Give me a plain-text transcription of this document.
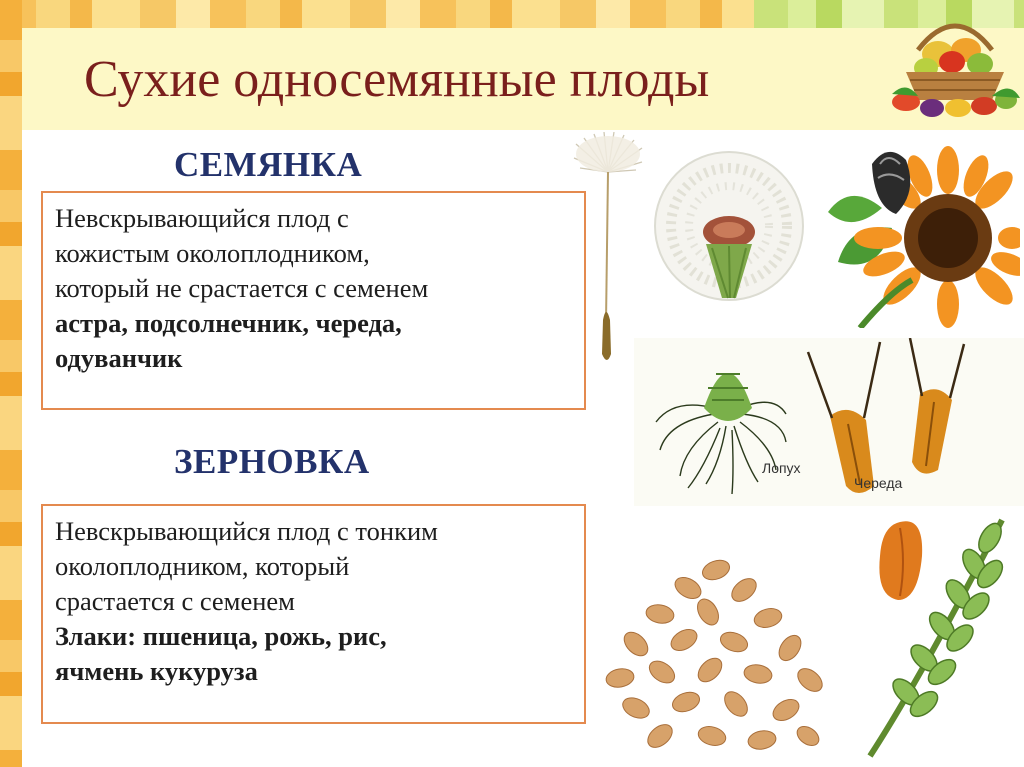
Сухие односемянные плоды
СЕМЯНКА

Невскрывающийся плод с

кожистым околоплодником,

который не срастается с семенем

астра, подсолнечник, череда,

одуванчик

ЗЕРНОВКА

Невскрывающийся плод с тонким

околоплодником, который

срастается с семенем

Злаки: пшеница, рожь, рис,

ячмень кукуруза

Лопух
Череда
